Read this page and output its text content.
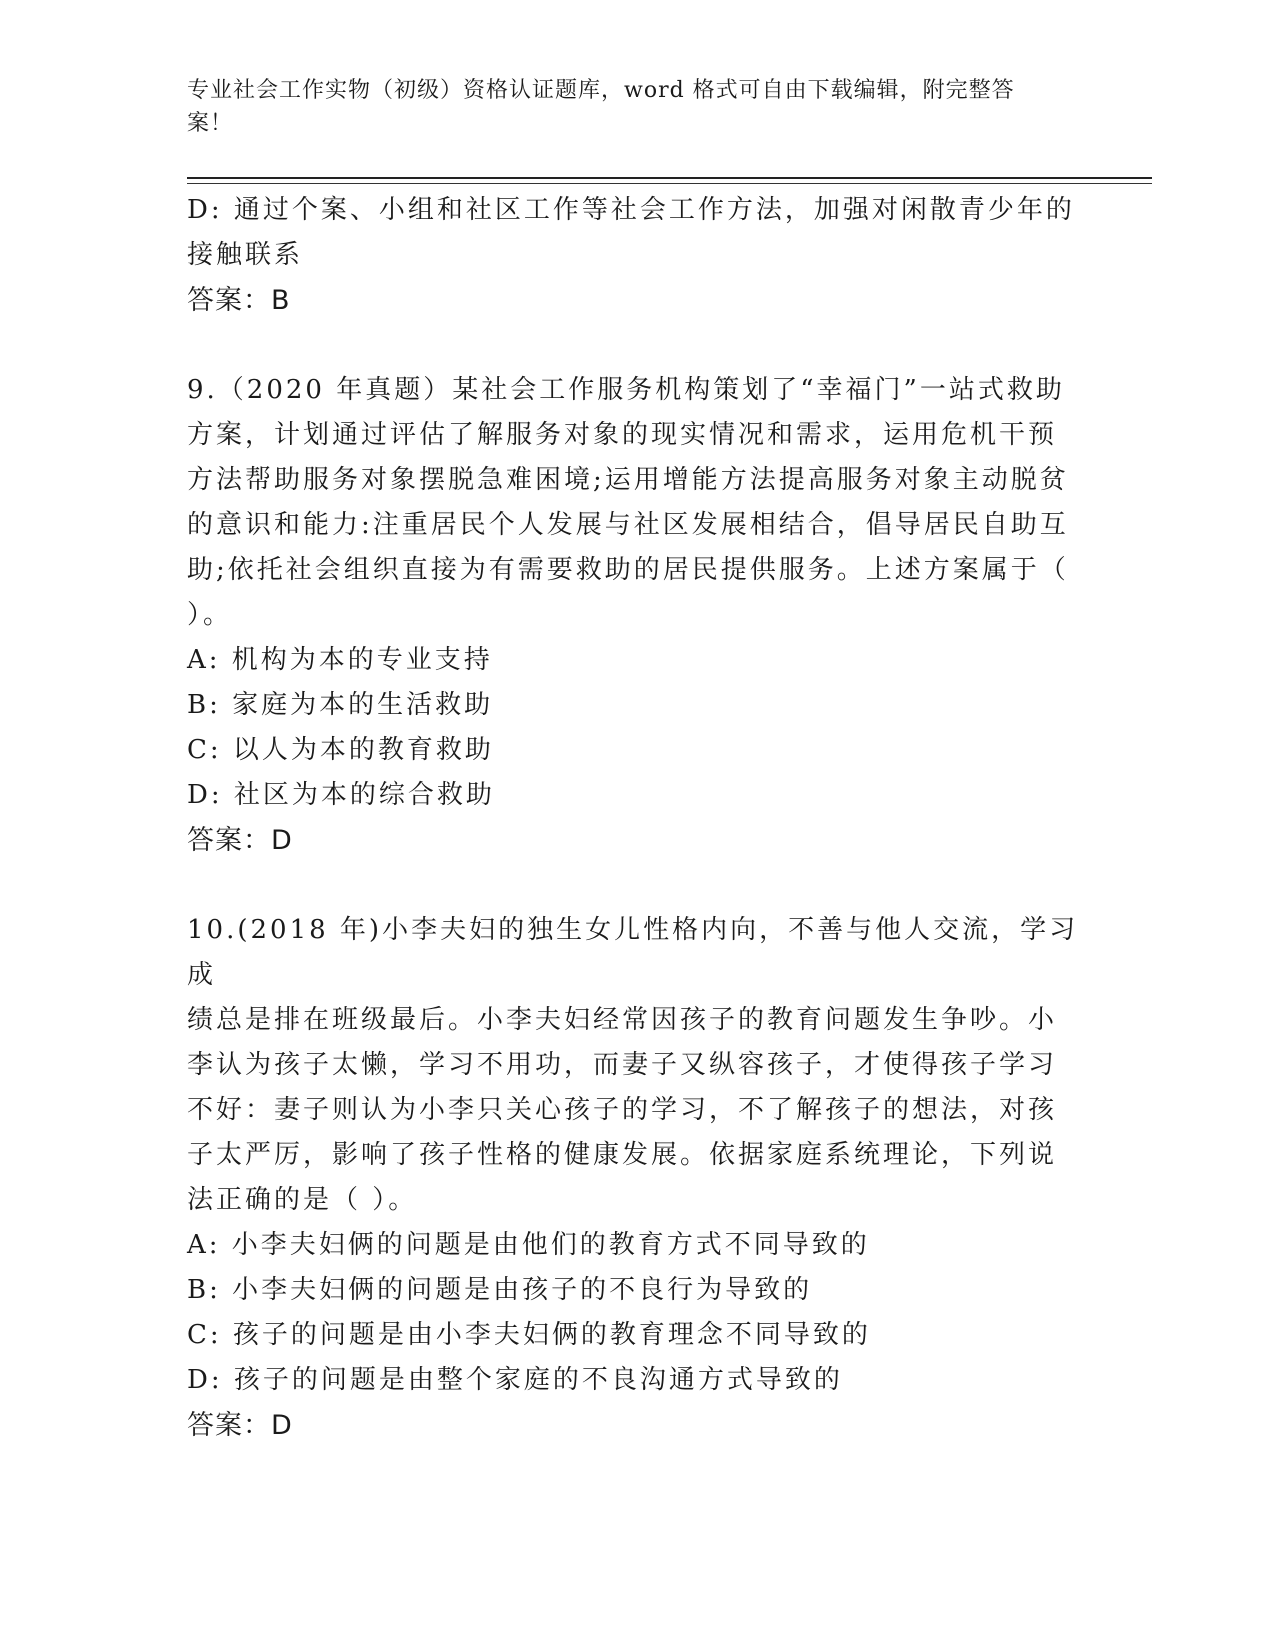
专业社会工作实物（初级）资格认证题库，word 格式可自由下载编辑，附完整答
案！

D: 通过个案、小组和社区工作等社会工作方法，加强对闲散青少年的

接触联系

答案：B

9.（2020 年真题）某社会工作服务机构策划了“幸福门”一站式救助

方案，计划通过评估了解服务对象的现实情况和需求，运用危机干预

方法帮助服务对象摆脱急难困境;运用增能方法提高服务对象主动脱贫

的意识和能力:注重居民个人发展与社区发展相结合，倡导居民自助互

助;依托社会组织直接为有需要救助的居民提供服务。上述方案属于（

）。

A: 机构为本的专业支持

B: 家庭为本的生活救助

C: 以人为本的教育救助

D: 社区为本的综合救助

答案：D

10.(2018 年)小李夫妇的独生女儿性格内向，不善与他人交流，学习成

绩总是排在班级最后。小李夫妇经常因孩子的教育问题发生争吵。小

李认为孩子太懒，学习不用功，而妻子又纵容孩子，才使得孩子学习

不好：妻子则认为小李只关心孩子的学习，不了解孩子的想法，对孩

子太严厉，影响了孩子性格的健康发展。依据家庭系统理论，下列说

法正确的是（ ）。

A: 小李夫妇俩的问题是由他们的教育方式不同导致的

B: 小李夫妇俩的问题是由孩子的不良行为导致的

C: 孩子的问题是由小李夫妇俩的教育理念不同导致的

D: 孩子的问题是由整个家庭的不良沟通方式导致的

答案：D
